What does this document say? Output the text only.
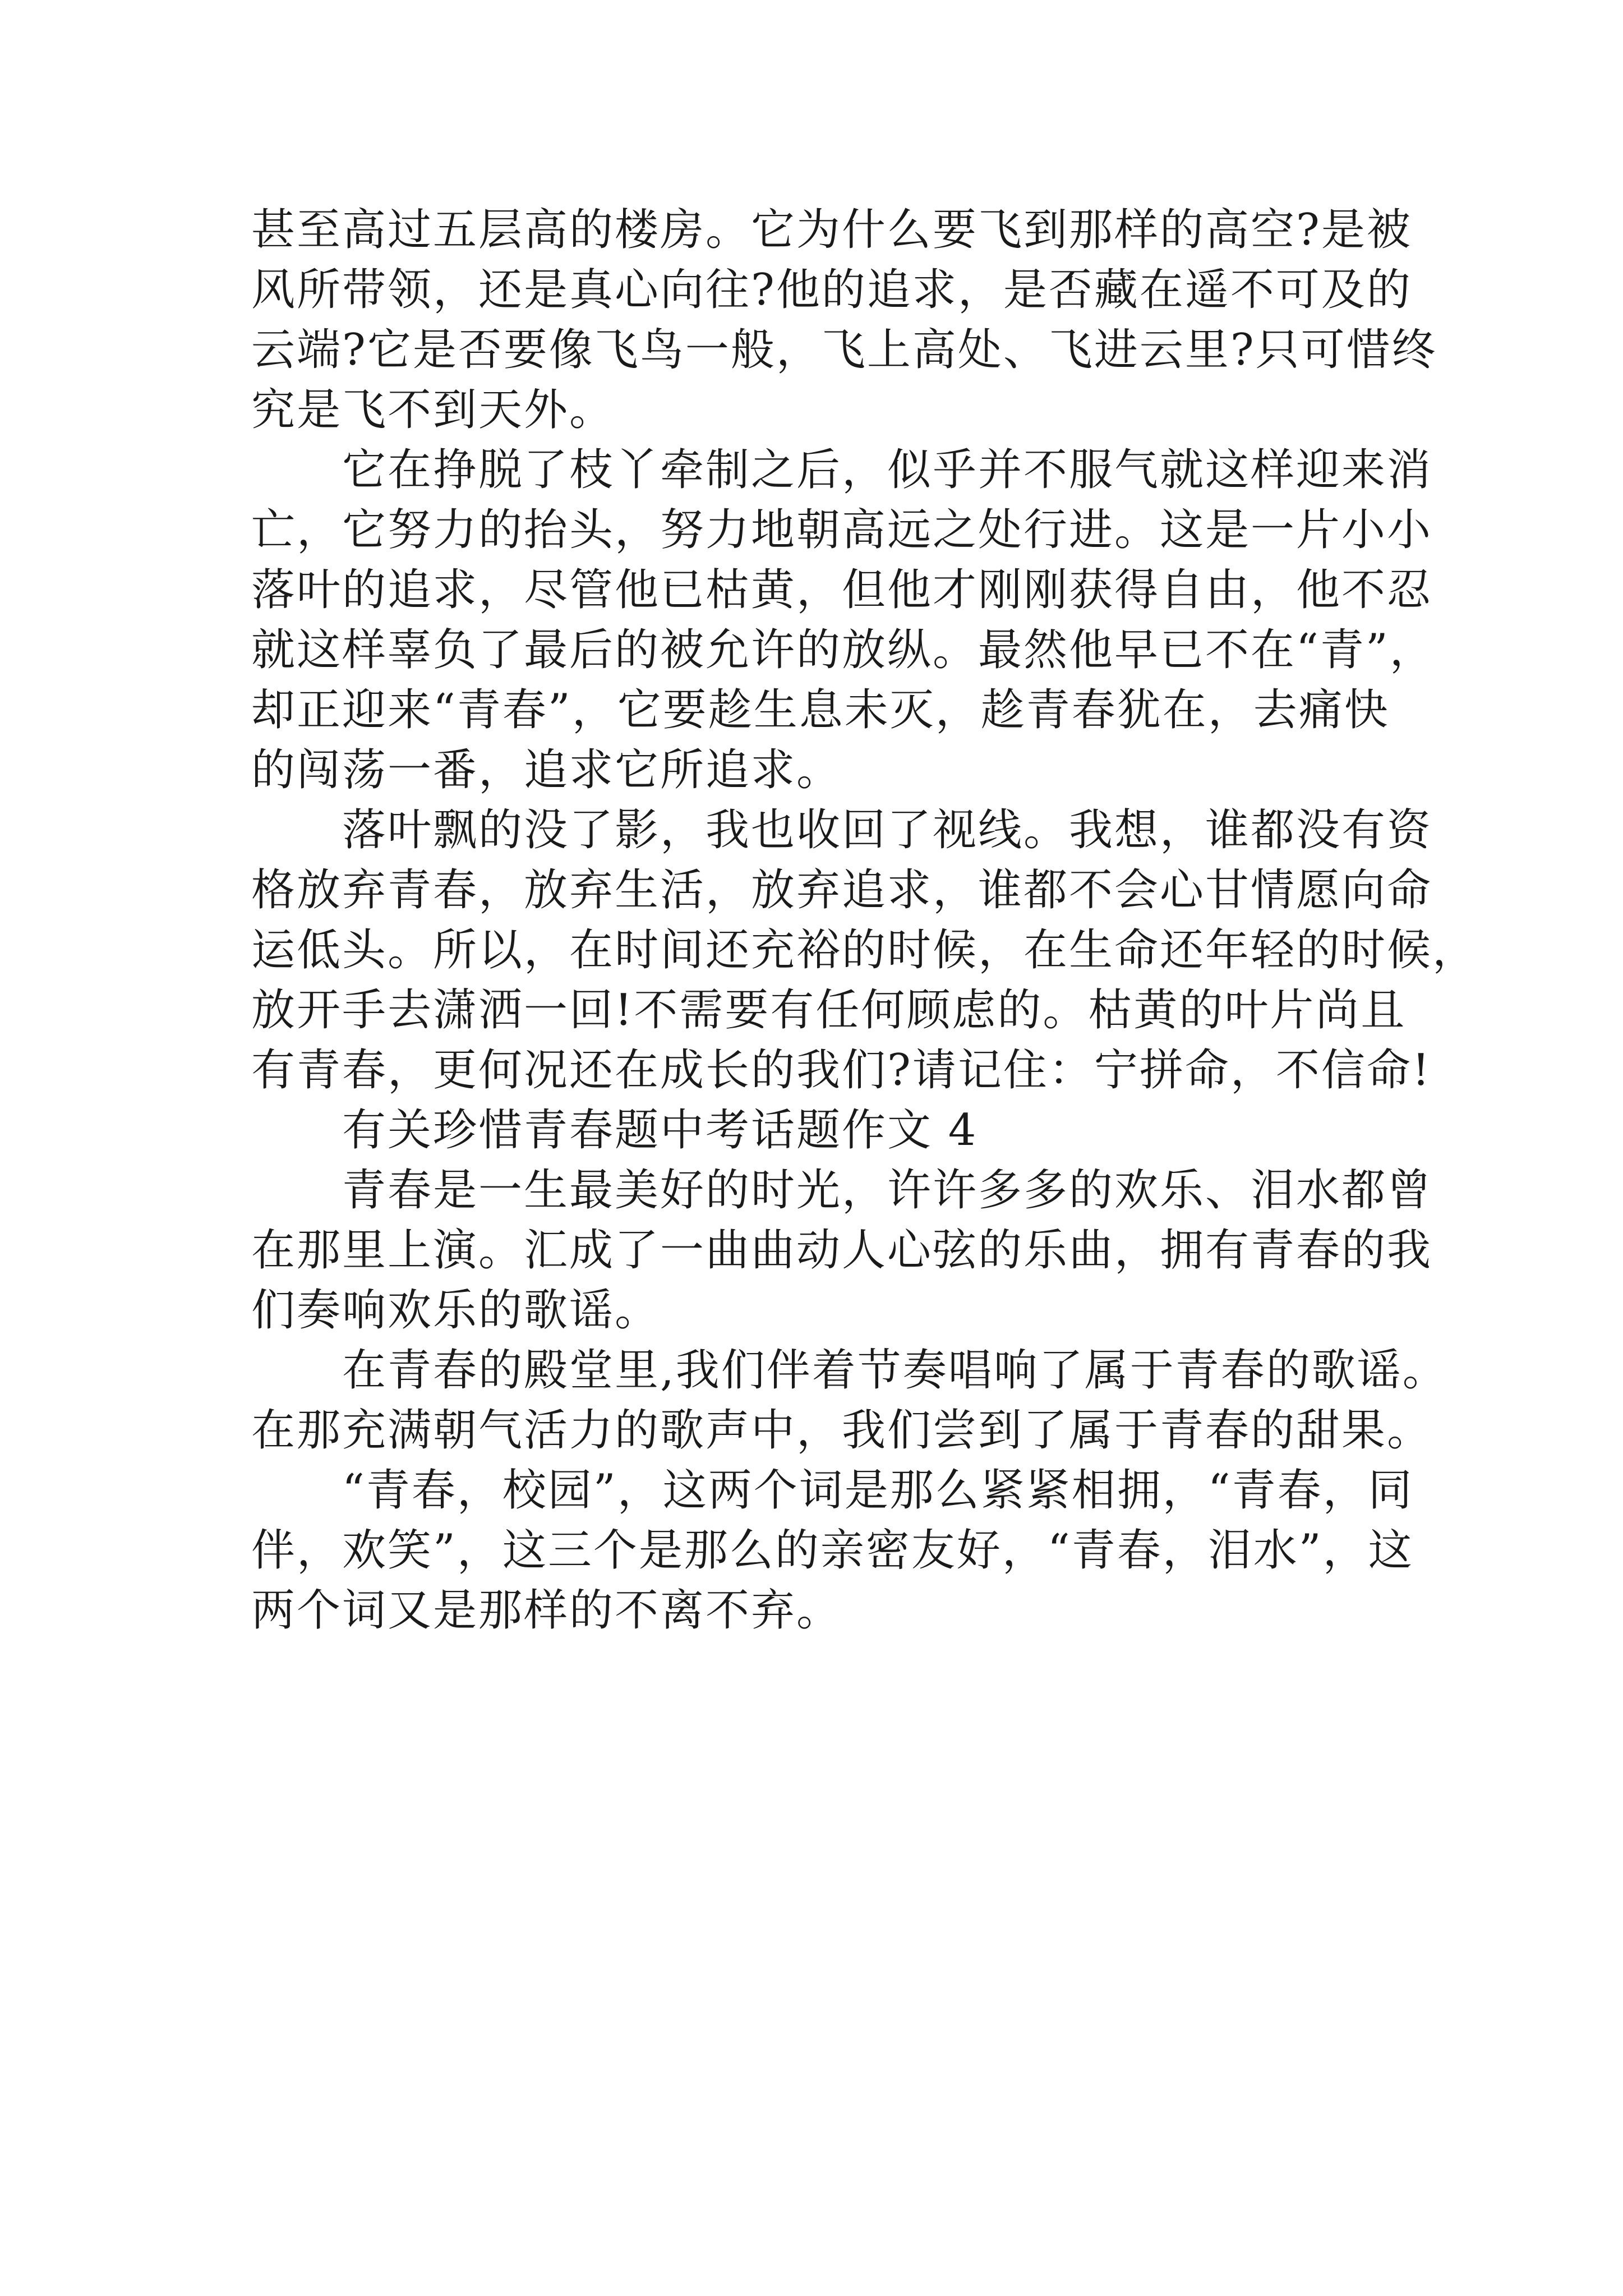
甚至高过五层高的楼房。它为什么要飞到那样的高空?是被
风所带领，还是真心向往?他的追求，是否藏在遥不可及的
云端?它是否要像飞鸟一般，飞上高处、飞进云里?只可惜终
究是飞不到天外。
　　它在挣脱了枝丫牵制之后，似乎并不服气就这样迎来消
亡，它努力的抬头，努力地朝高远之处行进。这是一片小小
落叶的追求，尽管他已枯黄，但他才刚刚获得自由，他不忍
就这样辜负了最后的被允许的放纵。最然他早已不在“青”，
却正迎来“青春”，它要趁生息未灭，趁青春犹在，去痛快
的闯荡一番，追求它所追求。
　　落叶飘的没了影，我也收回了视线。我想，谁都没有资
格放弃青春，放弃生活，放弃追求，谁都不会心甘情愿向命
运低头。所以，在时间还充裕的时候，在生命还年轻的时候，
放开手去潇洒一回!不需要有任何顾虑的。枯黄的叶片尚且
有青春，更何况还在成长的我们?请记住：宁拼命，不信命!
　　有关珍惜青春题中考话题作文 4
　　青春是一生最美好的时光，许许多多的欢乐、泪水都曾
在那里上演。汇成了一曲曲动人心弦的乐曲，拥有青春的我
们奏响欢乐的歌谣。
　　在青春的殿堂里,我们伴着节奏唱响了属于青春的歌谣。
在那充满朝气活力的歌声中，我们尝到了属于青春的甜果。
　　“青春，校园”，这两个词是那么紧紧相拥，“青春，同
伴，欢笑”，这三个是那么的亲密友好，“青春，泪水”，这
两个词又是那样的不离不弃。
